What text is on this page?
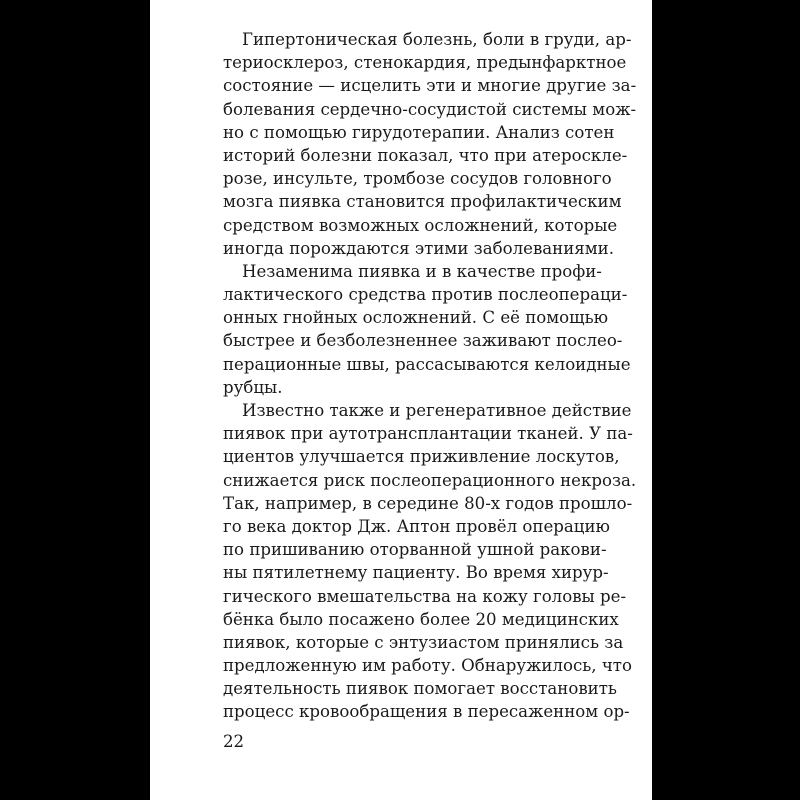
Гипертоническая болезнь, боли в груди, ар-
териосклероз, стенокардия, предынфарктное
состояние — исцелить эти и многие другие за-
болевания сердечно-сосудистой системы мож-
но с помощью гирудотерапии. Анализ сотен
историй болезни показал, что при атероскле-
розе, инсульте, тромбозе сосудов головного
мозга пиявка становится профилактическим
средством возможных осложнений, которые
иногда порождаются этими заболеваниями.
Незаменима пиявка и в качестве профи-
лактического средства против послеопераци-
онных гнойных осложнений. С её помощью
быстрее и безболезненнее заживают послео-
перационные швы, рассасываются келоидные
рубцы.
Известно также и регенеративное действие
пиявок при аутотрансплантации тканей. У па-
циентов улучшается приживление лоскутов,
снижается риск послеоперационного некроза.
Так, например, в середине 80-х годов прошло-
го века доктор Дж. Аптон провёл операцию
по пришиванию оторванной ушной ракови-
ны пятилетнему пациенту. Во время хирур-
гического вмешательства на кожу головы ре-
бёнка было посажено более 20 медицинских
пиявок, которые с энтузиастом принялись за
предложенную им работу. Обнаружилось, что
деятельность пиявок помогает восстановить
процесс кровообращения в пересаженном ор-
22
